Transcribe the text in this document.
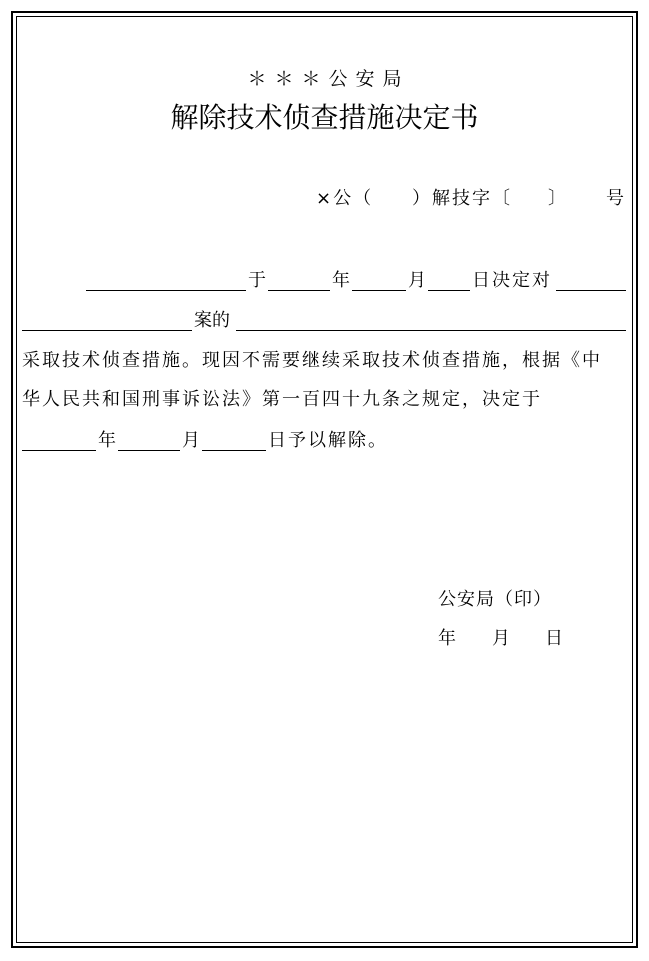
＊＊＊公安局
解除技术侦查措施决定书
×公（ ）解技字〔 〕 号
于	年	月	日决定对
案的
采取技术侦查措施。现因不需要继续采取技术侦查措施，根据《中
华人民共和国刑事诉讼法》第一百四十九条之规定，决定于
年	月	日予以解除。
公安局（印）
年 月 日
